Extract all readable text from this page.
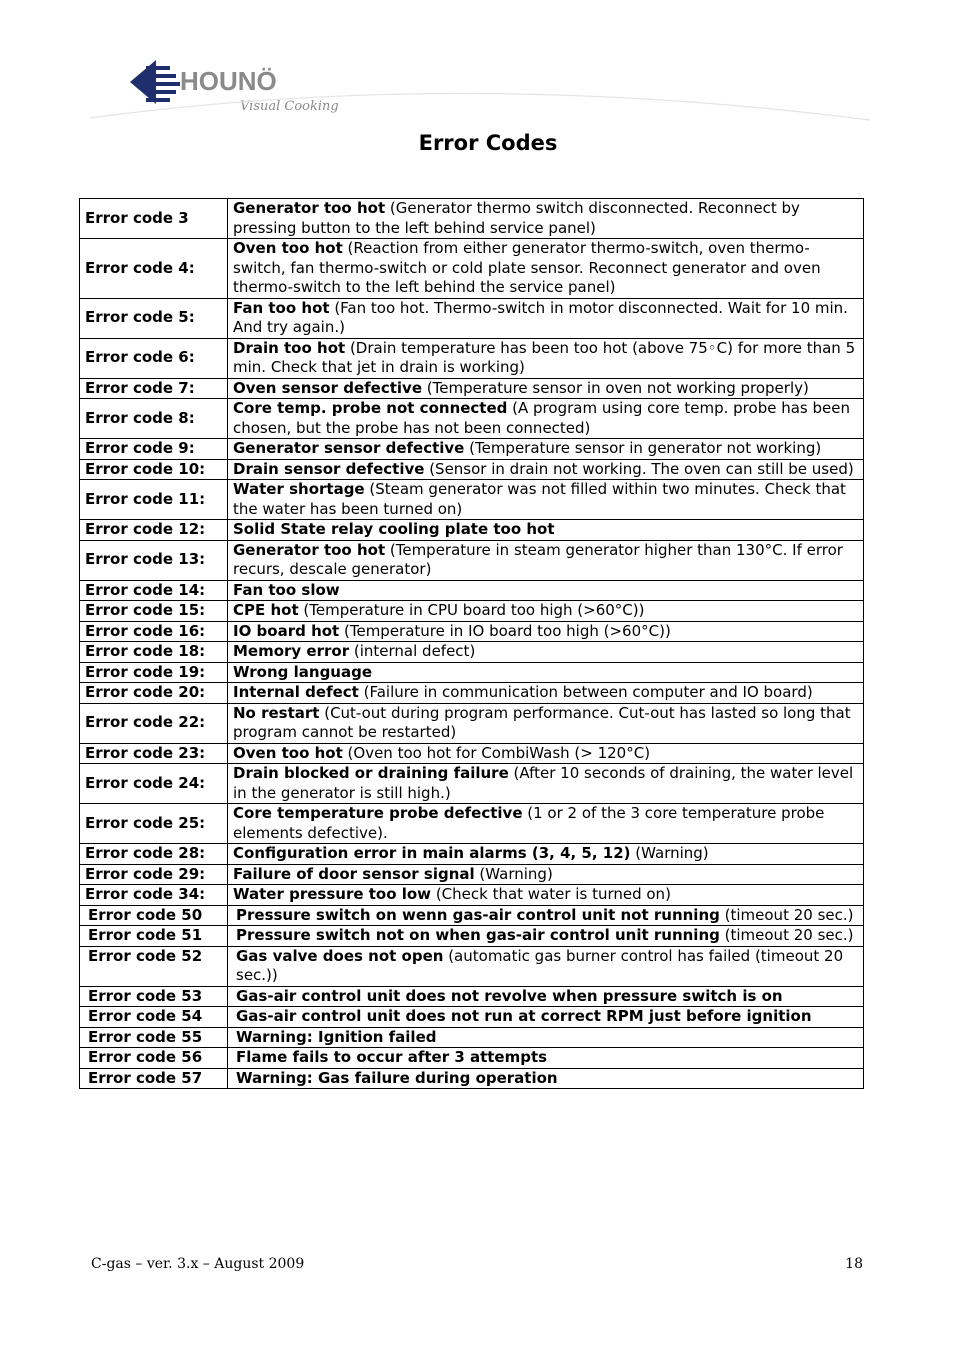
HOUNÖ
Visual Cooking
Error Codes
Error code 3	Generator too hot (Generator thermo switch disconnected. Reconnect by pressing button to the left behind service panel)
Error code 4:	Oven too hot (Reaction from either generator thermo-switch, oven thermo-switch, fan thermo-switch or cold plate sensor. Reconnect generator and oven thermo-switch to the left behind the service panel)
Error code 5:	Fan too hot (Fan too hot. Thermo-switch in motor disconnected. Wait for 10 min. And try again.)
Error code 6:	Drain too hot (Drain temperature has been too hot (above 75◦C) for more than 5 min. Check that jet in drain is working)
Error code 7:	Oven sensor defective (Temperature sensor in oven not working properly)
Error code 8:	Core temp. probe not connected (A program using core temp. probe has been chosen, but the probe has not been connected)
Error code 9:	Generator sensor defective (Temperature sensor in generator not working)
Error code 10:	Drain sensor defective (Sensor in drain not working. The oven can still be used)
Error code 11:	Water shortage (Steam generator was not filled within two minutes. Check that the water has been turned on)
Error code 12:	Solid State relay cooling plate too hot
Error code 13:	Generator too hot (Temperature in steam generator higher than 130°C. If error recurs, descale generator)
Error code 14:	Fan too slow
Error code 15:	CPE hot (Temperature in CPU board too high (>60°C))
Error code 16:	IO board hot (Temperature in IO board too high (>60°C))
Error code 18:	Memory error (internal defect)
Error code 19:	Wrong language
Error code 20:	Internal defect (Failure in communication between computer and IO board)
Error code 22:	No restart (Cut-out during program performance. Cut-out has lasted so long that program cannot be restarted)
Error code 23:	Oven too hot (Oven too hot for CombiWash (> 120°C)
Error code 24:	Drain blocked or draining failure (After 10 seconds of draining, the water level in the generator is still high.)
Error code 25:	Core temperature probe defective (1 or 2 of the 3 core temperature probe elements defective).
Error code 28:	Configuration error in main alarms (3, 4, 5, 12) (Warning)
Error code 29:	Failure of door sensor signal (Warning)
Error code 34:	Water pressure too low (Check that water is turned on)
Error code 50	Pressure switch on wenn gas-air control unit not running (timeout 20 sec.)
Error code 51	Pressure switch not on when gas-air control unit running (timeout 20 sec.)
Error code 52	Gas valve does not open (automatic gas burner control has failed (timeout 20 sec.))
Error code 53	Gas-air control unit does not revolve when pressure switch is on
Error code 54	Gas-air control unit does not run at correct RPM just before ignition
Error code 55	Warning: Ignition failed
Error code 56	Flame fails to occur after 3 attempts
Error code 57	Warning: Gas failure during operation
C-gas – ver. 3.x – August 2009	18
